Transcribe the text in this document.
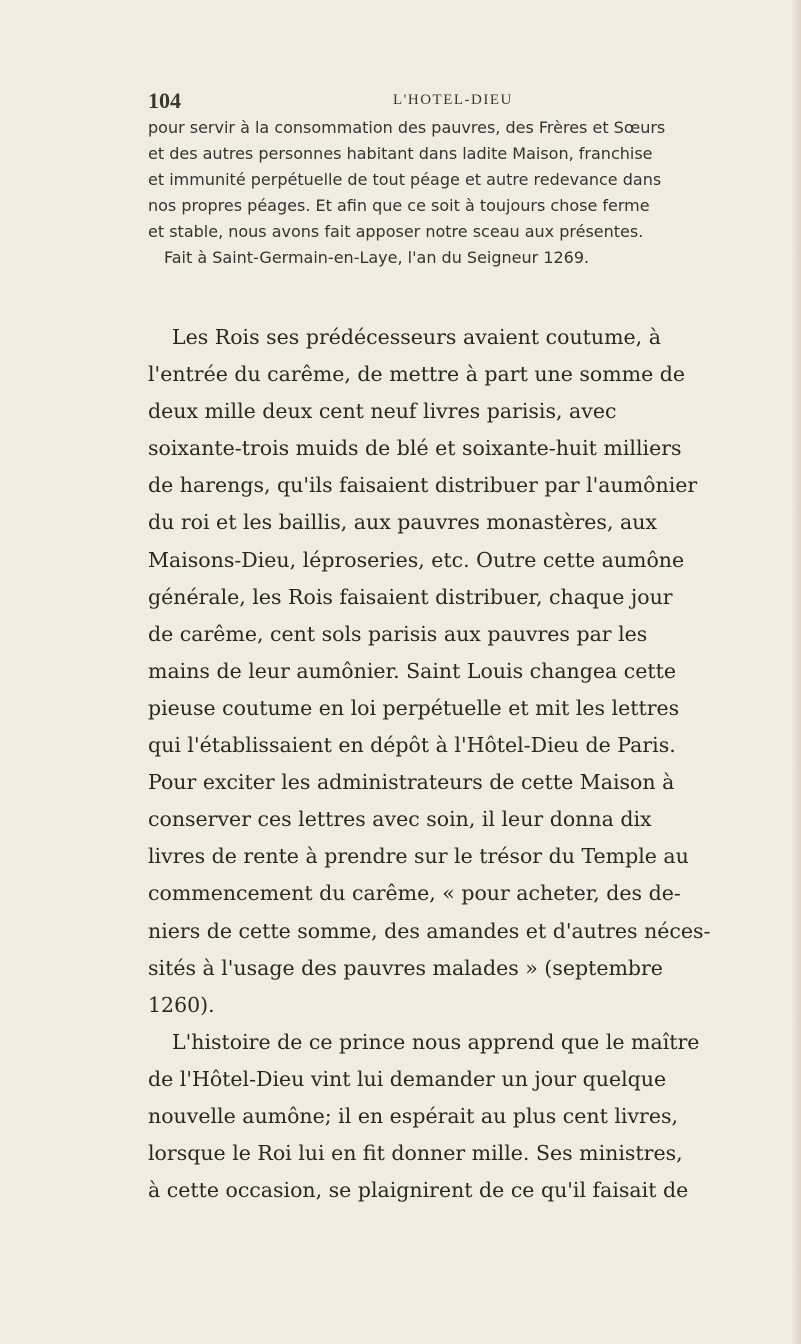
104	L'HOTEL-DIEU
pour servir à la consommation des pauvres, des Frères et Sœurs
et des autres personnes habitant dans ladite Maison, franchise
et immunité perpétuelle de tout péage et autre redevance dans
nos propres péages. Et afin que ce soit à toujours chose ferme
et stable, nous avons fait apposer notre sceau aux présentes.
Fait à Saint-Germain-en-Laye, l'an du Seigneur 1269.
Les Rois ses prédécesseurs avaient coutume, à
l'entrée du carême, de mettre à part une somme de
deux mille deux cent neuf livres parisis, avec
soixante-trois muids de blé et soixante-huit milliers
de harengs, qu'ils faisaient distribuer par l'aumônier
du roi et les baillis, aux pauvres monastères, aux
Maisons-Dieu, léproseries, etc. Outre cette aumône
générale, les Rois faisaient distribuer, chaque jour
de carême, cent sols parisis aux pauvres par les
mains de leur aumônier. Saint Louis changea cette
pieuse coutume en loi perpétuelle et mit les lettres
qui l'établissaient en dépôt à l'Hôtel-Dieu de Paris.
Pour exciter les administrateurs de cette Maison à
conserver ces lettres avec soin, il leur donna dix
livres de rente à prendre sur le trésor du Temple au
commencement du carême, « pour acheter, des de-
niers de cette somme, des amandes et d'autres néces-
sités à l'usage des pauvres malades » (septembre
1260).
L'histoire de ce prince nous apprend que le maître
de l'Hôtel-Dieu vint lui demander un jour quelque
nouvelle aumône; il en espérait au plus cent livres,
lorsque le Roi lui en fit donner mille. Ses ministres,
à cette occasion, se plaignirent de ce qu'il faisait de
